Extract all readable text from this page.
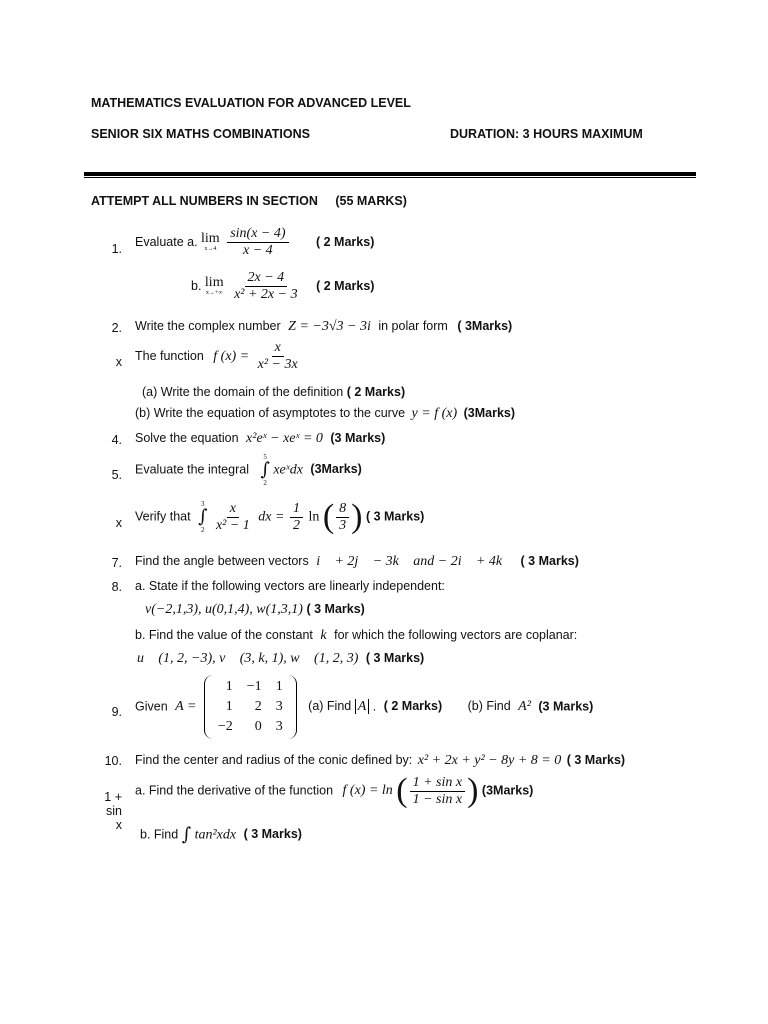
MATHEMATICS EVALUATION FOR ADVANCED LEVEL
SENIOR SIX MATHS COMBINATIONS	DURATION: 3 HOURS MAXIMUM
ATTEMPT ALL NUMBERS IN SECTION (55 MARKS)
1.
Evaluate a. lim
x→4
$\frac{\sin(x - 4)}{x - 4}$ ( 2 Marks)
b. lim
x→+∞
$\frac{2x - 4}{\text{x² + 2x − 3}}$ ( 2 Marks)
2. Write the complex number Z = −3√3 − 3i in polar form ( 3Marks)
x The function f $(x) = \frac{x}{\text{x² − 3x}}$
(a) Write the domain of the definition ( 2 Marks)
(b) Write the equation of asymptotes to the curve y = f (x) (3Marks)
4. Solve the equation x²eˣ − xeˣ = 0 (3 Marks)
5. Evaluate the integral
5
∫
2
xeˣdx (3Marks)
x Verify that
3
∫
2
$\frac{x}{\text{x² − 1}}$ dx = $\frac{1}{2}$ ln ( $\frac{8}{3}$ ) ( 3 Marks)
7. Find the angle between vectors i⃗ + 2j⃗ − 3k⃗ and − 2i⃗ + 4k⃗ ( 3 Marks)
8. a. State if the following vectors are linearly independent:
v(−2,1,3), u(0,1,4), w(1,3,1) ( 3 Marks)
b. Find the value of the constant k for which the following vectors are coplanar:
u⃗ (1, 2, −3), v⃗ (3, k, 1), w⃗ (1, 2, 3) ( 3 Marks)
9. Given A =
1	−1	1
1	2	3
−2	0	3
(a) Find A . ( 2 Marks) (b) Find A² (3 Marks)
10. Find the center and radius of the conic defined by: x² + 2x + y² − 8y + 8 = 0 ( 3 Marks)
1 + sin x
a. Find the derivative of the function f (x) = ln ( $\frac{\text{1 + sin x}}{\text{1 − sin x}}$ ) (3Marks)
b. Find ∫ tan²xdx ( 3 Marks)
